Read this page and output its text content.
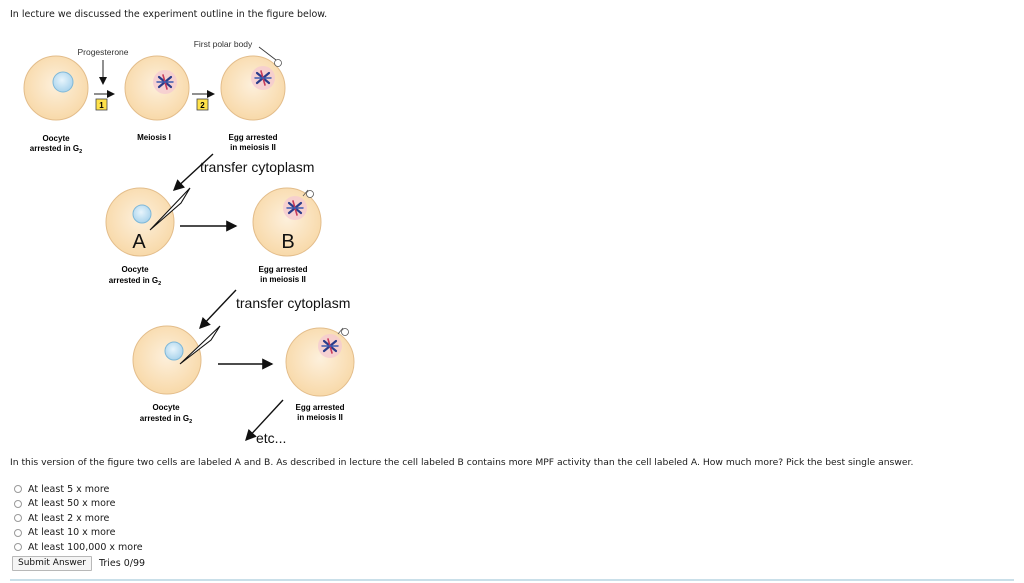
In lecture we discussed the experiment outline in the figure below.
Progesterone
1	2
First polar body
Oocyte
arrested in $G_2$
Meiosis I	Egg arrested
in meiosis II
transfer cytoplasm
A	B
Oocyte
arrested in $G_2$
Egg arrested
in meiosis II
transfer cytoplasm
Oocyte
arrested in $G_2$
Egg arrested
in meiosis II
etc...
In this version of the figure two cells are labeled A and B. As described in lecture the cell labeled B contains more MPF activity than the cell labeled A. How much more? Pick the best single answer.
At least 5 x more
At least 50 x more
At least 2 x more
At least 10 x more
At least 100,000 x more
Submit Answer	Tries 0/99
